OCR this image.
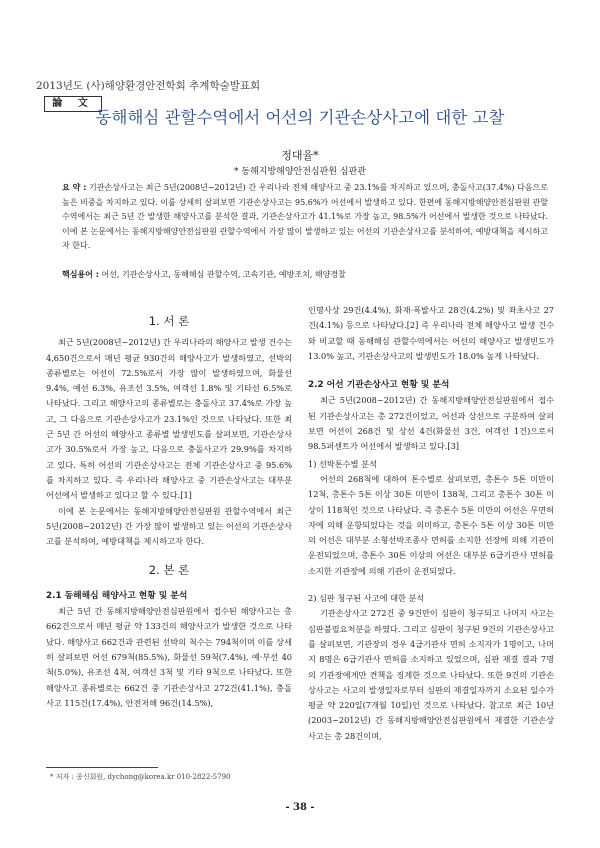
2013년도 (사)해양환경안전학회 추계학술발표회
論 文
동해해심 관할수역에서 어선의 기관손상사고에 대한 고찰
정대율*
* 동해지방해양안전심판원 심판관
요 약 : 기관손상사고는 최근 5년(2008년~2012년) 간 우리나라 전체 해양사고 중 23.1%를 차지하고 있으며, 충돌사고(37.4%) 다음으로 높은 비중을 차지하고 있다. 이를 상세히 살펴보면 기관손상사고는 95.6%가 어선에서 발생하고 있다. 한편에 동해지방해양안전심판원 관할 수역에서는 최근 5년 간 발생한 해양사고를 분석한 결과, 기관손상사고가 41.1%로 가장 높고, 98.5%가 어선에서 발생한 것으로 나타났다. 이에 본 논문에서는 동해지방해양안전심판원 관할수역에서 가장 많이 발생하고 있는 어선의 기관손상사고를 분석하여, 예방대책을 제시하고자 한다.
핵심용어 : 어선, 기관손상사고, 동해해심 관할수역, 고속기관, 예방조치, 해양경찰
1. 서 론

최근 5년(2008년~2012년) 간 우리나라의 해양사고 발생 건수는 4,650건으로서 매년 평균 930건의 해양사고가 발생하였고, 선박의 종류별로는 어선이 72.5%로서 가장 많이 발생하였으며, 화물선 9.4%, 예선 6.3%, 유조선 3.5%, 여객선 1.8% 및 기타선 6.5%로 나타났다. 그리고 해양사고의 종류별로는 충돌사고 37.4%로 가장 높고, 그 다음으로 기관손상사고가 23.1%인 것으로 나타났다. 또한 최근 5년 간 어선의 해양사고 종류별 발생빈도를 살펴보면, 기관손상사고가 30.5%로서 가장 높고, 다음으로 충돌사고가 29.9%를 차지하고 있다. 특히 어선의 기관손상사고는 전체 기관손상사고 중 95.6%를 차지하고 있다. 즉 우리나라 해양사고 중 기관손상사고는 대부분 어선에서 발생하고 있다고 할 수 있다.[1]

이에 본 논문에서는 동해지방해양안전심판원 관할수역에서 최근 5년(2008~2012년) 간 가장 많이 발생하고 있는 어선의 기관손상사고를 분석하여, 예방대책을 제시하고자 한다.

2. 본 론
2.1 동해해심 해양사고 현황 및 분석

최근 5년 간 동해지방해양안전심판원에서 접수된 해양사고는 총 662건으로서 매년 평균 약 133건의 해양사고가 발생한 것으로 나타났다. 해양사고 662건과 관련된 선박의 척수는 794척이며 이를 상세히 살펴보면 어선 679척(85.5%), 화물선 59척(7.4%), 예·부선 40척(5.0%), 유조선 4척, 여객선 3척 및 기타 9척으로 나타났다. 또한 해양사고 종류별로는 662건 중 기관손상사고 272건(41.1%), 충돌사고 115건(17.4%), 안전저해 96건(14.5%),

인명사상 29건(4.4%), 화재·폭발사고 28건(4.2%) 및 좌초사고 27건(4.1%) 등으로 나타났다.[2] 즉 우리나라 전체 해양사고 발생 건수와 비교할 때 동해해심 관할수역에서는 어선의 해양사고 발생빈도가 13.0% 높고, 기관손상사고의 발생빈도가 18.0% 높게 나타났다.

2.2 어선 기관손상사고 현황 및 분석

최근 5년(2008~2012년) 간 동해지방해양안전심판원에서 접수된 기관손상사고는 총 272건이었고, 어선과 상선으로 구분하여 살펴보면 어선이 268건 및 상선 4건(화물선 3건, 여객선 1건)으로서 98.5퍼센트가 어선에서 발생하고 있다.[3]

1) 선박톤수별 분석

어선의 268척에 대하여 톤수별로 살펴보면, 총톤수 5톤 미만이 12척, 총톤수 5톤 이상 30톤 미만이 138척, 그리고 총톤수 30톤 이상이 118척인 것으로 나타났다. 즉 총톤수 5톤 미만의 어선은 무면허자에 의해 운항되었다는 것을 의미하고, 총톤수 5톤 이상 30톤 미만의 어선은 대부분 소형선박조종사 면허를 소지한 선장에 의해 기관이 운전되었으며, 총톤수 30톤 이상의 어선은 대부분 6급기관사 면허를 소지한 기관장에 의해 기관이 운전되었다.

2) 심판 청구된 사고에 대한 분석

기관손상사고 272건 중 9건만이 심판이 청구되고 나머지 사고는 심판불필요처분을 하였다. 그리고 심판이 청구된 9건의 기관손상사고를 살펴보면, 기관장의 경우 4급기관사 면허 소지자가 1명이고, 나머지 8명은 6급기관사 면허를 소지하고 있었으며, 심판 재결 결과 7명의 기관장에게만 견책을 징계한 것으로 나타났다. 또한 9건의 기관손상사고는 사고의 발생일자로부터 심판의 재결일자까지 소요된 일수가 평균 약 220일(7개월 10일)인 것으로 나타났다. 참고로 최근 10년(2003~2012년) 간 동해지방해양안전심판원에서 재결한 기관손상사고는 총 28건이며,

* 저자 : 종신회원, dychong@korea.kr 010-2822-5790
- 38 -
